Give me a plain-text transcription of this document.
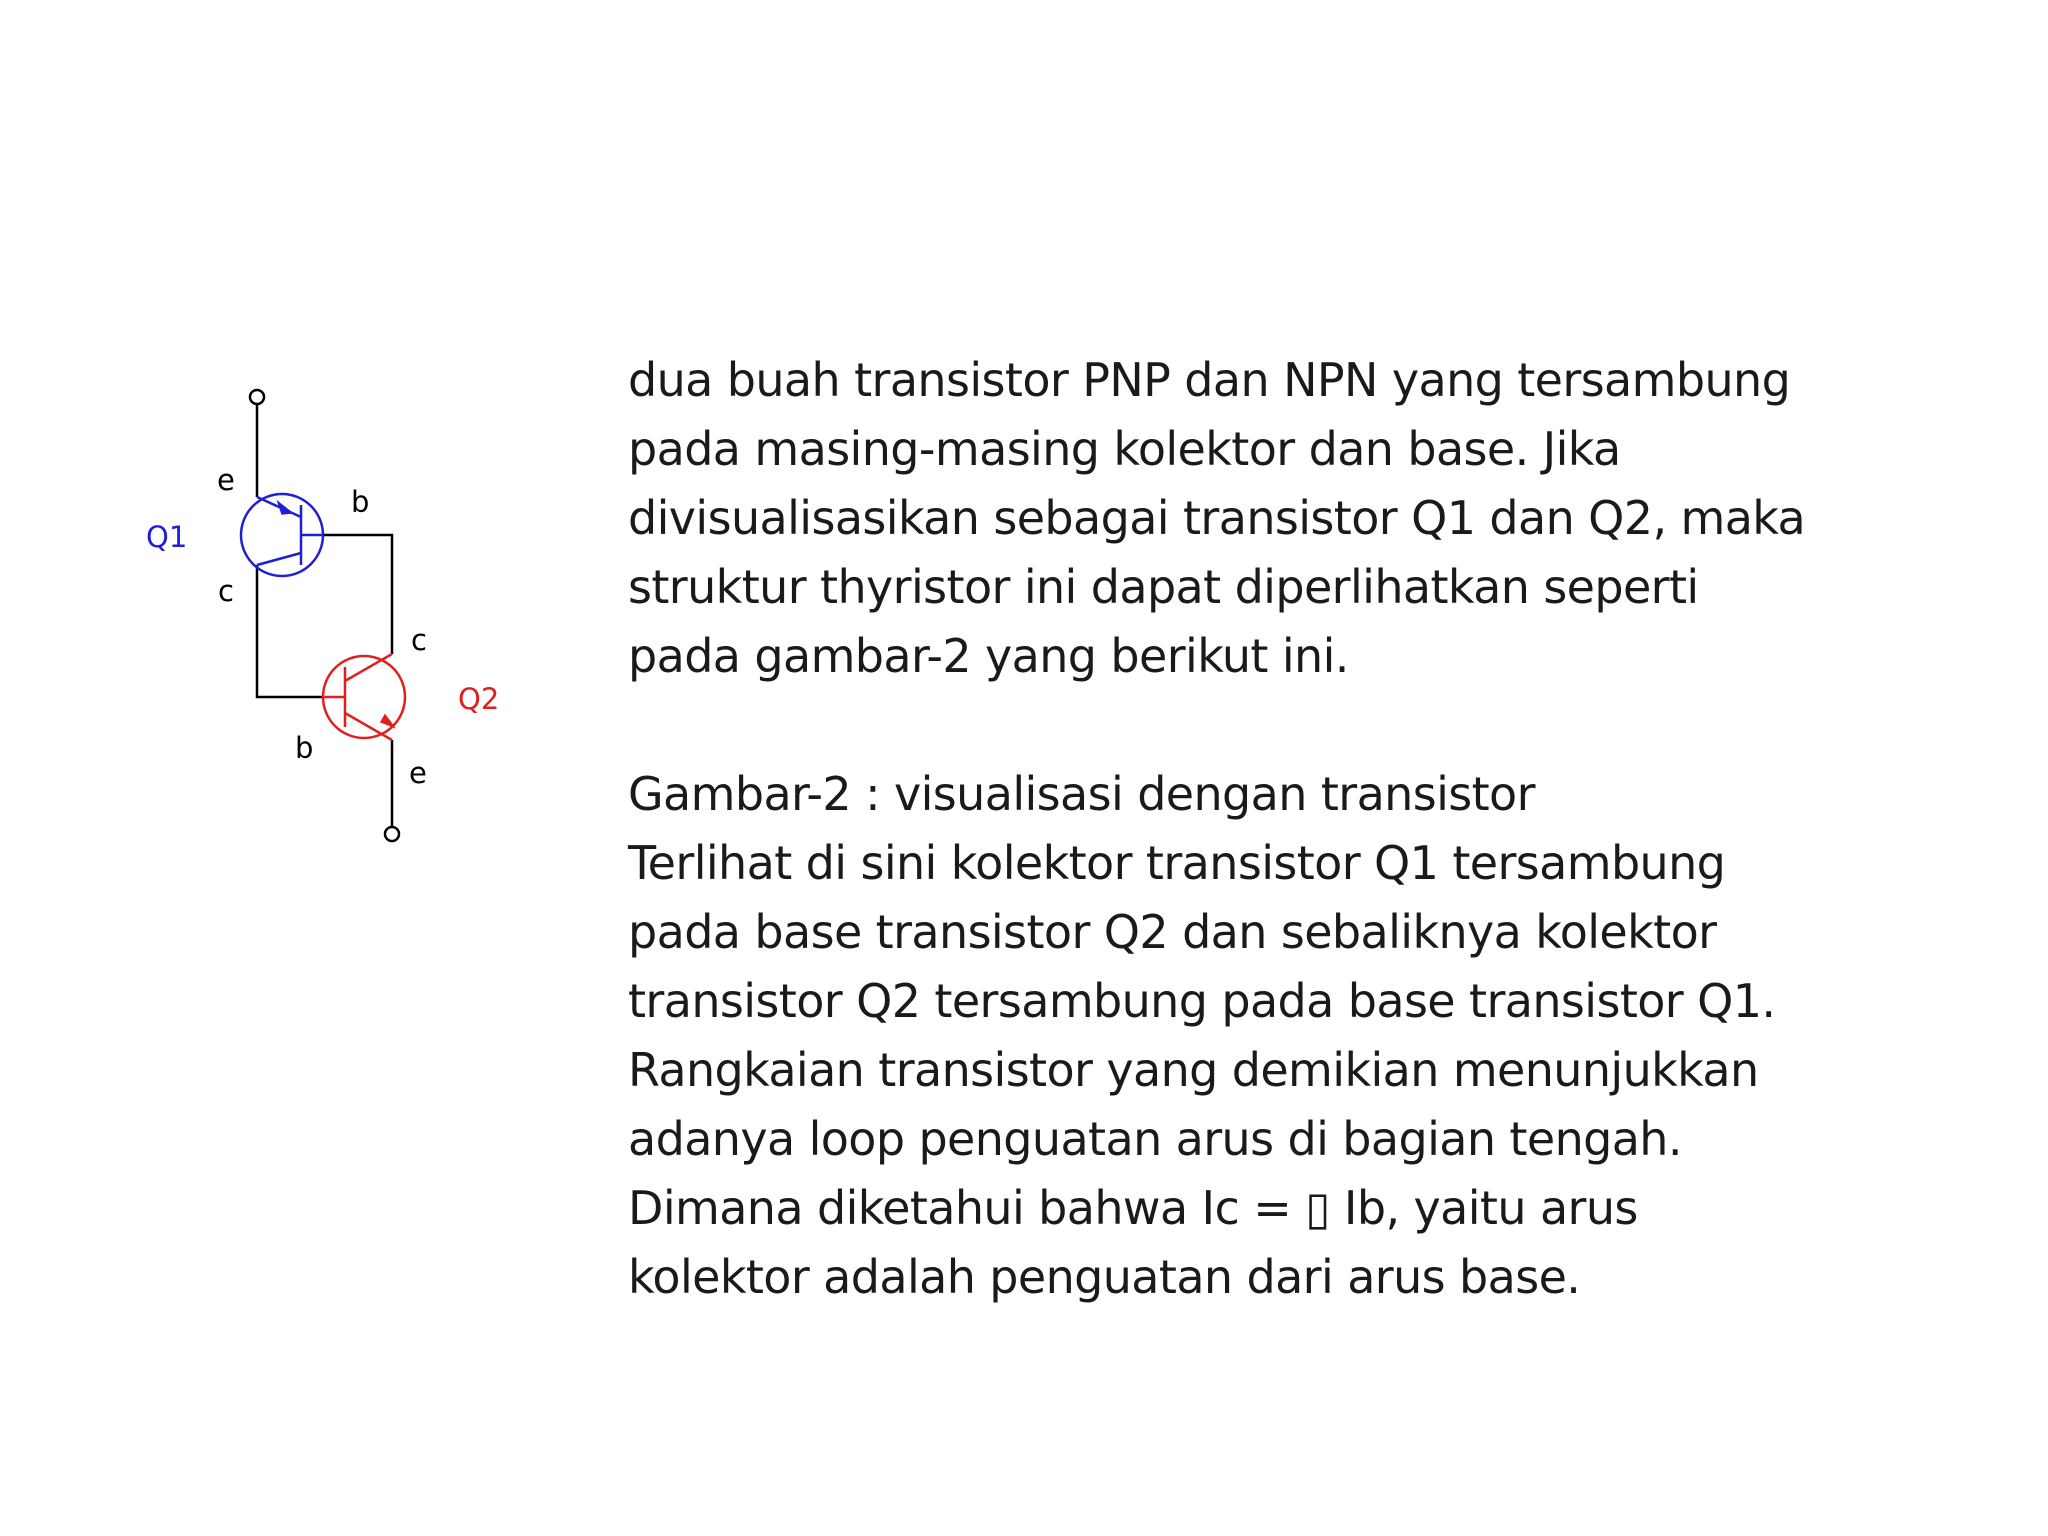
Q1
e
b
c
Q2
c
b
e
dua buah transistor PNP dan NPN yang tersambung
pada masing-masing kolektor dan base. Jika
divisualisasikan sebagai transistor Q1 dan Q2, maka
struktur thyristor ini dapat diperlihatkan seperti
pada gambar-2 yang berikut ini.
Gambar-2 : visualisasi dengan transistor
Terlihat di sini kolektor transistor Q1 tersambung
pada base transistor Q2 dan sebaliknya kolektor
transistor Q2 tersambung pada base transistor Q1.
Rangkaian transistor yang demikian menunjukkan
adanya loop penguatan arus di bagian tengah.
Dimana diketahui bahwa Ic = ▯ Ib, yaitu arus
kolektor adalah penguatan dari arus base.
